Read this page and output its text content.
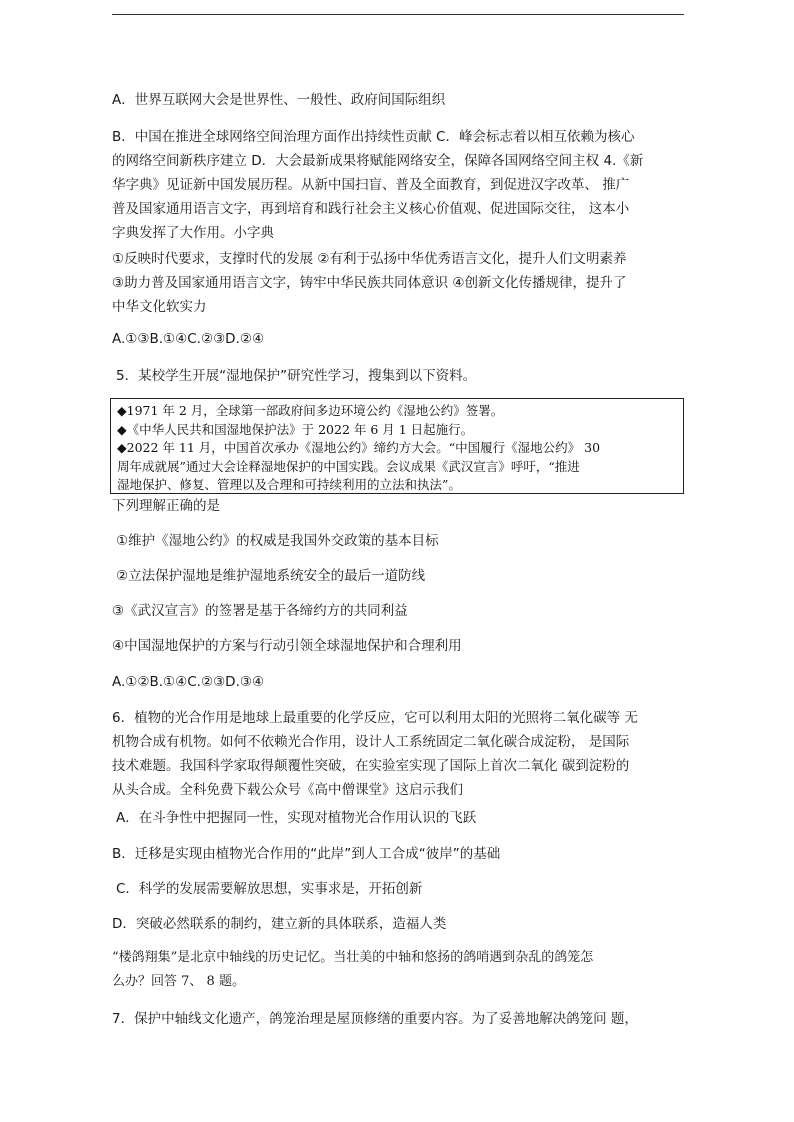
A．世界互联网大会是世界性、一般性、政府间国际组织
B．中国在推进全球网络空间治理方面作出持续性贡献 C．峰会标志着以相互依赖为核心
的网络空间新秩序建立 D．大会最新成果将赋能网络安全，保障各国网络空间主权 4.《新
华字典》见证新中国发展历程。从新中国扫盲、普及全面教育，到促进汉字改革、 推广
普及国家通用语言文字，再到培育和践行社会主义核心价值观、促进国际交往， 这本小
字典发挥了大作用。小字典
①反映时代要求，支撑时代的发展 ②有利于弘扬中华优秀语言文化，提升人们文明素养
③助力普及国家通用语言文字，铸牢中华民族共同体意识 ④创新文化传播规律，提升了
中华文化软实力
A.①③B.①④C.②③D.②④
5．某校学生开展“湿地保护”研究性学习，搜集到以下资料。
◆1971 年 2 月，全球第一部政府间多边环境公约《湿地公约》签署。
◆《中华人民共和国湿地保护法》于 2022 年 6 月 1 日起施行。
◆2022 年 11 月，中国首次承办《湿地公约》缔约方大会。“中国履行《湿地公约》 30
周年成就展”通过大会诠释湿地保护的中国实践。会议成果《武汉宣言》呼吁，“推进
湿地保护、修复、管理以及合理和可持续利用的立法和执法”。
下列理解正确的是
①维护《湿地公约》的权威是我国外交政策的基本目标
②立法保护湿地是维护湿地系统安全的最后一道防线
③《武汉宣言》的签署是基于各缔约方的共同利益
④中国湿地保护的方案与行动引领全球湿地保护和合理利用
A.①②B.①④C.②③D.③④
6．植物的光合作用是地球上最重要的化学反应，它可以利用太阳的光照将二氧化碳等 无
机物合成有机物。如何不依赖光合作用，设计人工系统固定二氧化碳合成淀粉， 是国际
技术难题。我国科学家取得颠覆性突破，在实验室实现了国际上首次二氧化 碳到淀粉的
从头合成。全科免费下载公众号《高中僧课堂》这启示我们
A．在斗争性中把握同一性，实现对植物光合作用认识的飞跃
B．迁移是实现由植物光合作用的“此岸”到人工合成“彼岸”的基础
C．科学的发展需要解放思想，实事求是，开拓创新
D．突破必然联系的制约，建立新的具体联系，造福人类
“楼鸽翔集”是北京中轴线的历史记忆。当壮美的中轴和悠扬的鸽哨遇到杂乱的鸽笼怎
么办？回答 7、 8 题。
7．保护中轴线文化遗产，鸽笼治理是屋顶修缮的重要内容。为了妥善地解决鸽笼问 题，
